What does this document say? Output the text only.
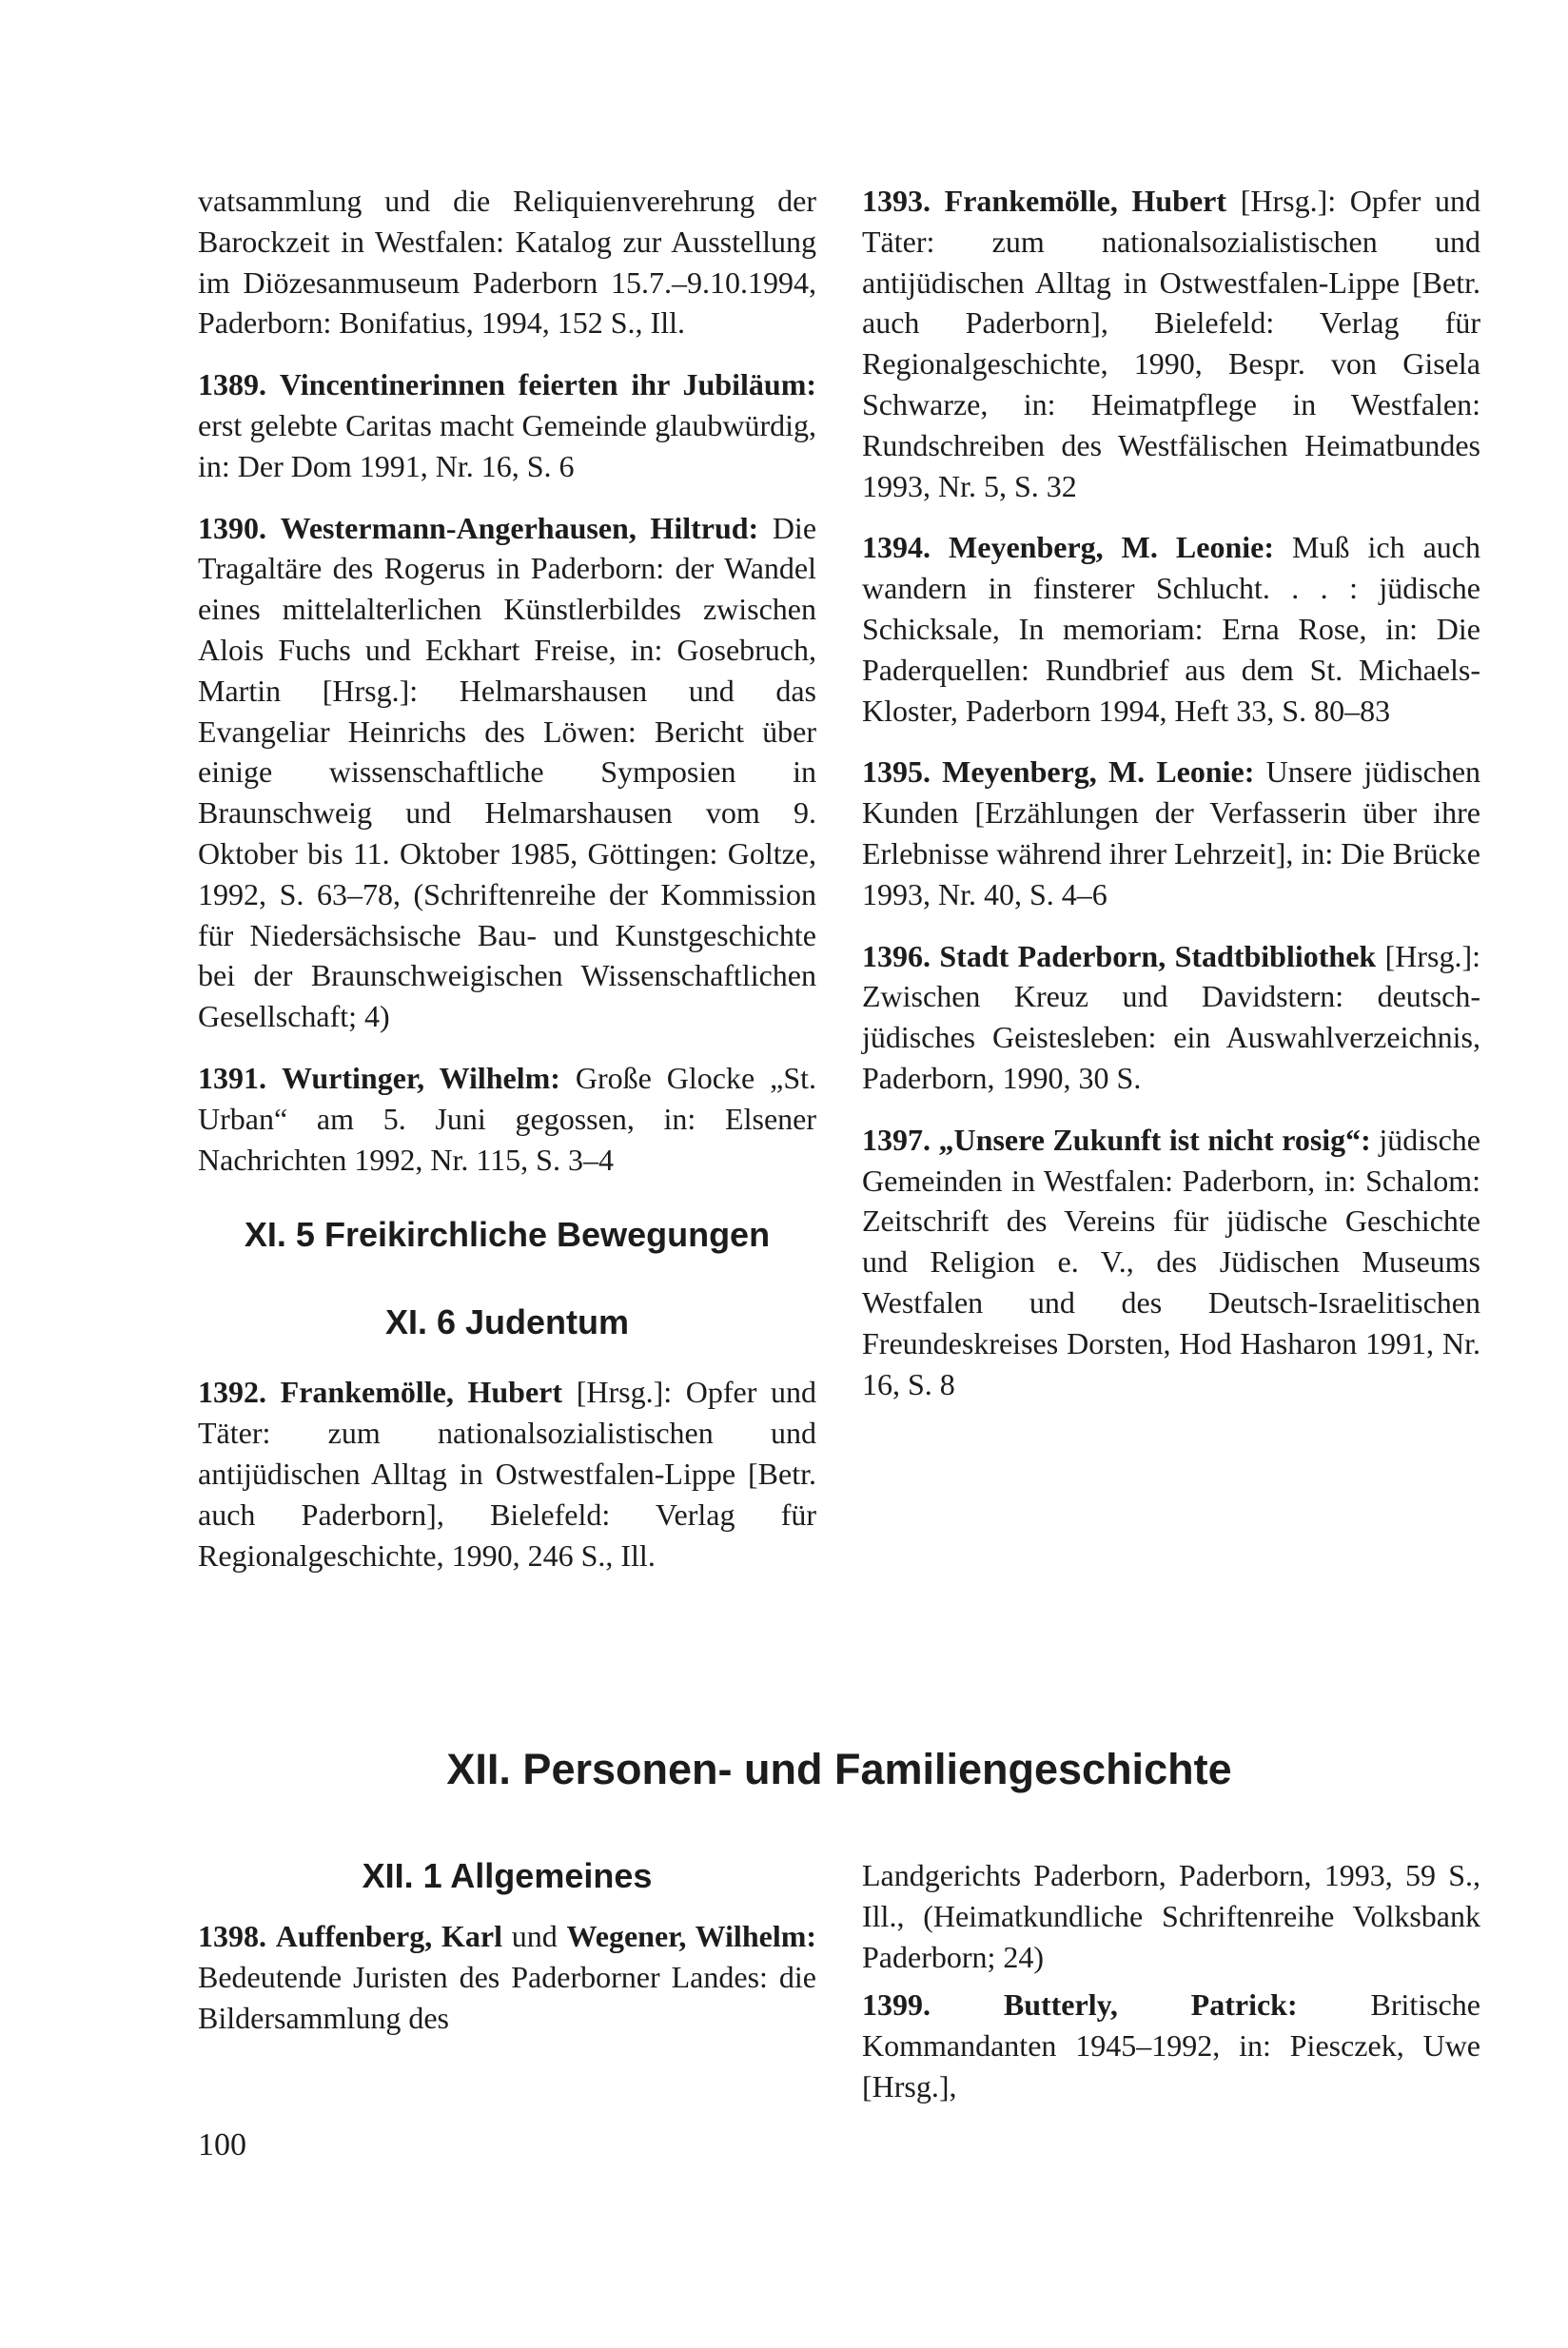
vatsammlung und die Reliquienverehrung der Barockzeit in Westfalen: Katalog zur Ausstellung im Diözesanmuseum Paderborn 15.7.–9.10.1994, Paderborn: Bonifatius, 1994, 152 S., Ill.

1389. Vincentinerinnen feierten ihr Jubiläum: erst gelebte Caritas macht Gemeinde glaubwürdig, in: Der Dom 1991, Nr. 16, S. 6

1390. Westermann-Angerhausen, Hiltrud: Die Tragaltäre des Rogerus in Paderborn: der Wandel eines mittelalterlichen Künstlerbildes zwischen Alois Fuchs und Eckhart Freise, in: Gosebruch, Martin [Hrsg.]: Helmarshausen und das Evangeliar Heinrichs des Löwen: Bericht über einige wissenschaftliche Symposien in Braunschweig und Helmarshausen vom 9. Oktober bis 11. Oktober 1985, Göttingen: Goltze, 1992, S. 63–78, (Schriftenreihe der Kommission für Niedersächsische Bau- und Kunstgeschichte bei der Braunschweigischen Wissenschaftlichen Gesellschaft; 4)

1391. Wurtinger, Wilhelm: Große Glocke „St. Urban“ am 5. Juni gegossen, in: Elsener Nachrichten 1992, Nr. 115, S. 3–4

XI. 5 Freikirchliche Bewegungen
XI. 6 Judentum

1392. Frankemölle, Hubert [Hrsg.]: Opfer und Täter: zum nationalsozialistischen und antijüdischen Alltag in Ostwestfalen-Lippe [Betr. auch Paderborn], Bielefeld: Verlag für Regionalgeschichte, 1990, 246 S., Ill.

1393. Frankemölle, Hubert [Hrsg.]: Opfer und Täter: zum nationalsozialistischen und antijüdischen Alltag in Ostwestfalen-Lippe [Betr. auch Paderborn], Bielefeld: Verlag für Regionalgeschichte, 1990, Bespr. von Gisela Schwarze, in: Heimatpflege in Westfalen: Rundschreiben des Westfälischen Heimatbundes 1993, Nr. 5, S. 32

1394. Meyenberg, M. Leonie: Muß ich auch wandern in finsterer Schlucht. . . : jüdische Schicksale, In memoriam: Erna Rose, in: Die Paderquellen: Rundbrief aus dem St. Michaels-Kloster, Paderborn 1994, Heft 33, S. 80–83

1395. Meyenberg, M. Leonie: Unsere jüdischen Kunden [Erzählungen der Verfasserin über ihre Erlebnisse während ihrer Lehrzeit], in: Die Brücke 1993, Nr. 40, S. 4–6

1396. Stadt Paderborn, Stadtbibliothek [Hrsg.]: Zwischen Kreuz und Davidstern: deutsch-jüdisches Geistesleben: ein Auswahlverzeichnis, Paderborn, 1990, 30 S.

1397. „Unsere Zukunft ist nicht rosig“: jüdische Gemeinden in Westfalen: Paderborn, in: Schalom: Zeitschrift des Vereins für jüdische Geschichte und Religion e. V., des Jüdischen Museums Westfalen und des Deutsch-Israelitischen Freundeskreises Dorsten, Hod Hasharon 1991, Nr. 16, S. 8

XII. Personen- und Familiengeschichte
XII. 1 Allgemeines

1398. Auffenberg, Karl und Wegener, Wilhelm: Bedeutende Juristen des Paderborner Landes: die Bildersammlung des

Landgerichts Paderborn, Paderborn, 1993, 59 S., Ill., (Heimatkundliche Schriftenreihe Volksbank Paderborn; 24)

1399. Butterly, Patrick: Britische Kommandanten 1945–1992, in: Piesczek, Uwe [Hrsg.],

100
